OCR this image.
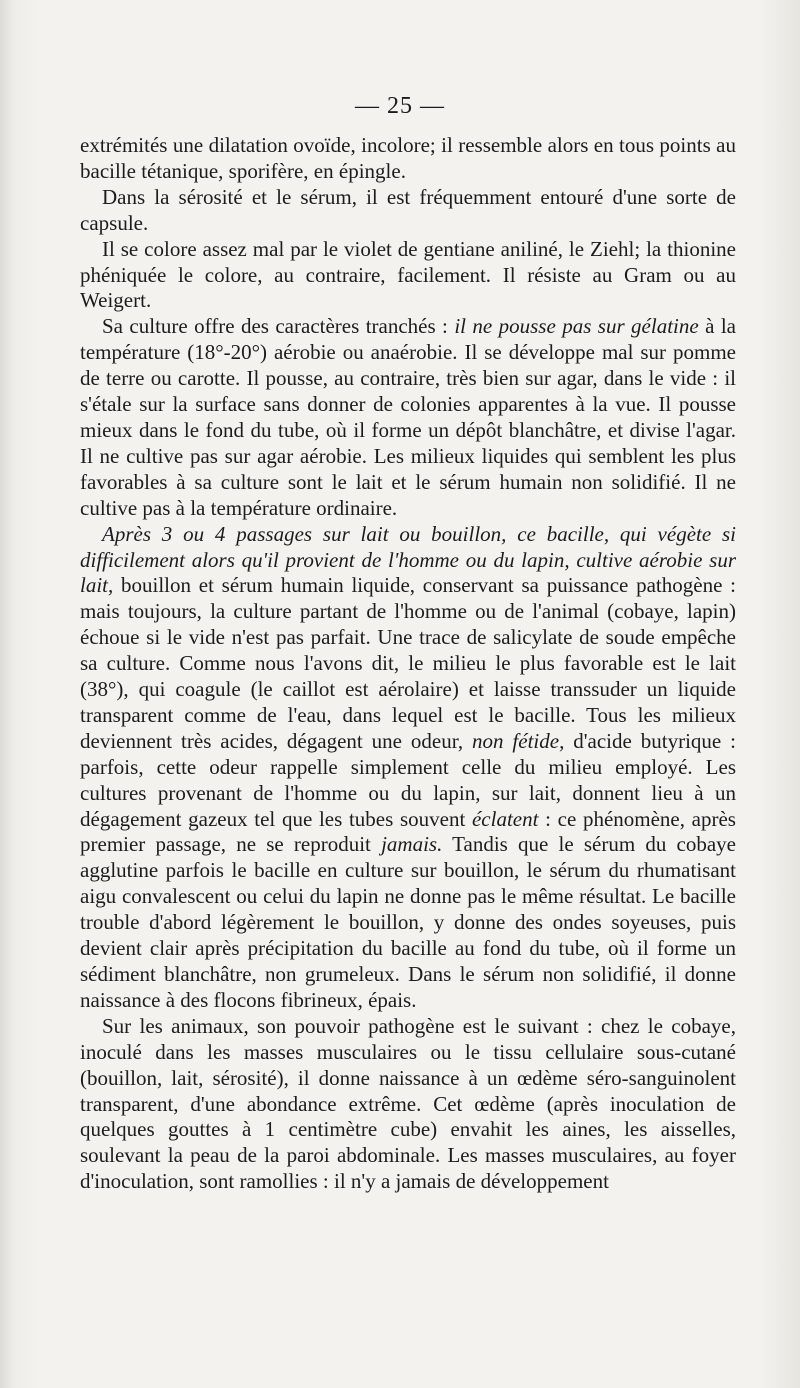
— 25 —

extrémités une dilatation ovoïde, incolore; il ressemble alors en tous points au bacille tétanique, sporifère, en épingle.

Dans la sérosité et le sérum, il est fréquemment entouré d'une sorte de capsule.

Il se colore assez mal par le violet de gentiane aniliné, le Ziehl; la thionine phéniquée le colore, au contraire, facilement. Il résiste au Gram ou au Weigert.

Sa culture offre des caractères tranchés : il ne pousse pas sur gélatine à la température (18°-20°) aérobie ou anaérobie. Il se développe mal sur pomme de terre ou carotte. Il pousse, au contraire, très bien sur agar, dans le vide : il s'étale sur la surface sans donner de colonies apparentes à la vue. Il pousse mieux dans le fond du tube, où il forme un dépôt blanchâtre, et divise l'agar. Il ne cultive pas sur agar aérobie. Les milieux liquides qui semblent les plus favorables à sa culture sont le lait et le sérum humain non solidifié. Il ne cultive pas à la température ordinaire.

Après 3 ou 4 passages sur lait ou bouillon, ce bacille, qui végète si difficilement alors qu'il provient de l'homme ou du lapin, cultive aérobie sur lait, bouillon et sérum humain liquide, conservant sa puissance pathogène : mais toujours, la culture partant de l'homme ou de l'animal (cobaye, lapin) échoue si le vide n'est pas parfait. Une trace de salicylate de soude empêche sa culture. Comme nous l'avons dit, le milieu le plus favorable est le lait (38°), qui coagule (le caillot est aérolaire) et laisse transsuder un liquide transparent comme de l'eau, dans lequel est le bacille. Tous les milieux deviennent très acides, dégagent une odeur, non fétide, d'acide butyrique : parfois, cette odeur rappelle simplement celle du milieu employé. Les cultures provenant de l'homme ou du lapin, sur lait, donnent lieu à un dégagement gazeux tel que les tubes souvent éclatent : ce phénomène, après premier passage, ne se reproduit jamais. Tandis que le sérum du cobaye agglutine parfois le bacille en culture sur bouillon, le sérum du rhumatisant aigu convalescent ou celui du lapin ne donne pas le même résultat. Le bacille trouble d'abord légèrement le bouillon, y donne des ondes soyeuses, puis devient clair après précipitation du bacille au fond du tube, où il forme un sédiment blanchâtre, non grumeleux. Dans le sérum non solidifié, il donne naissance à des flocons fibrineux, épais.

Sur les animaux, son pouvoir pathogène est le suivant : chez le cobaye, inoculé dans les masses musculaires ou le tissu cellulaire sous-cutané (bouillon, lait, sérosité), il donne naissance à un œdème séro-sanguinolent transparent, d'une abondance extrême. Cet œdème (après inoculation de quelques gouttes à 1 centimètre cube) envahit les aines, les aisselles, soulevant la peau de la paroi abdominale. Les masses musculaires, au foyer d'inoculation, sont ramollies : il n'y a jamais de développement
